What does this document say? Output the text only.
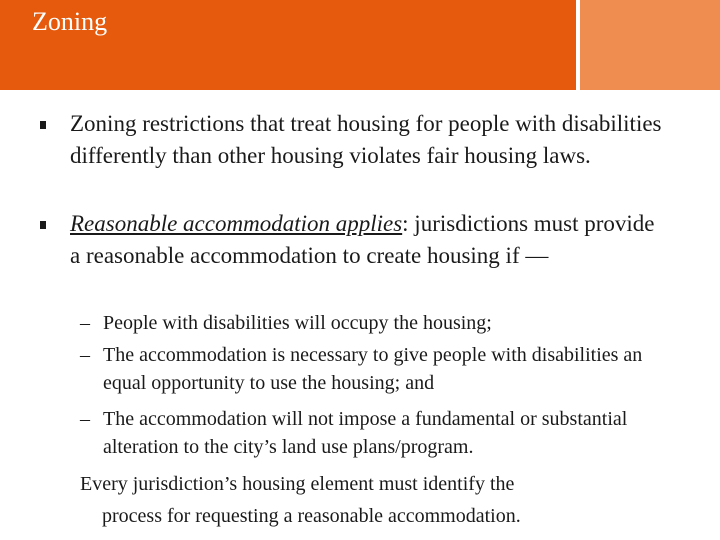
Zoning
Zoning restrictions that treat housing for people with disabilities differently than other housing violates fair housing laws.
Reasonable accommodation applies: jurisdictions must provide a reasonable accommodation to create housing if —
– People with disabilities will occupy the housing;
– The accommodation is necessary to give people with disabilities an equal opportunity to use the housing; and
– The accommodation will not impose a fundamental or substantial alteration to the city’s land use plans/program.
Every jurisdiction’s housing element must identify the
process for requesting a reasonable accommodation.
